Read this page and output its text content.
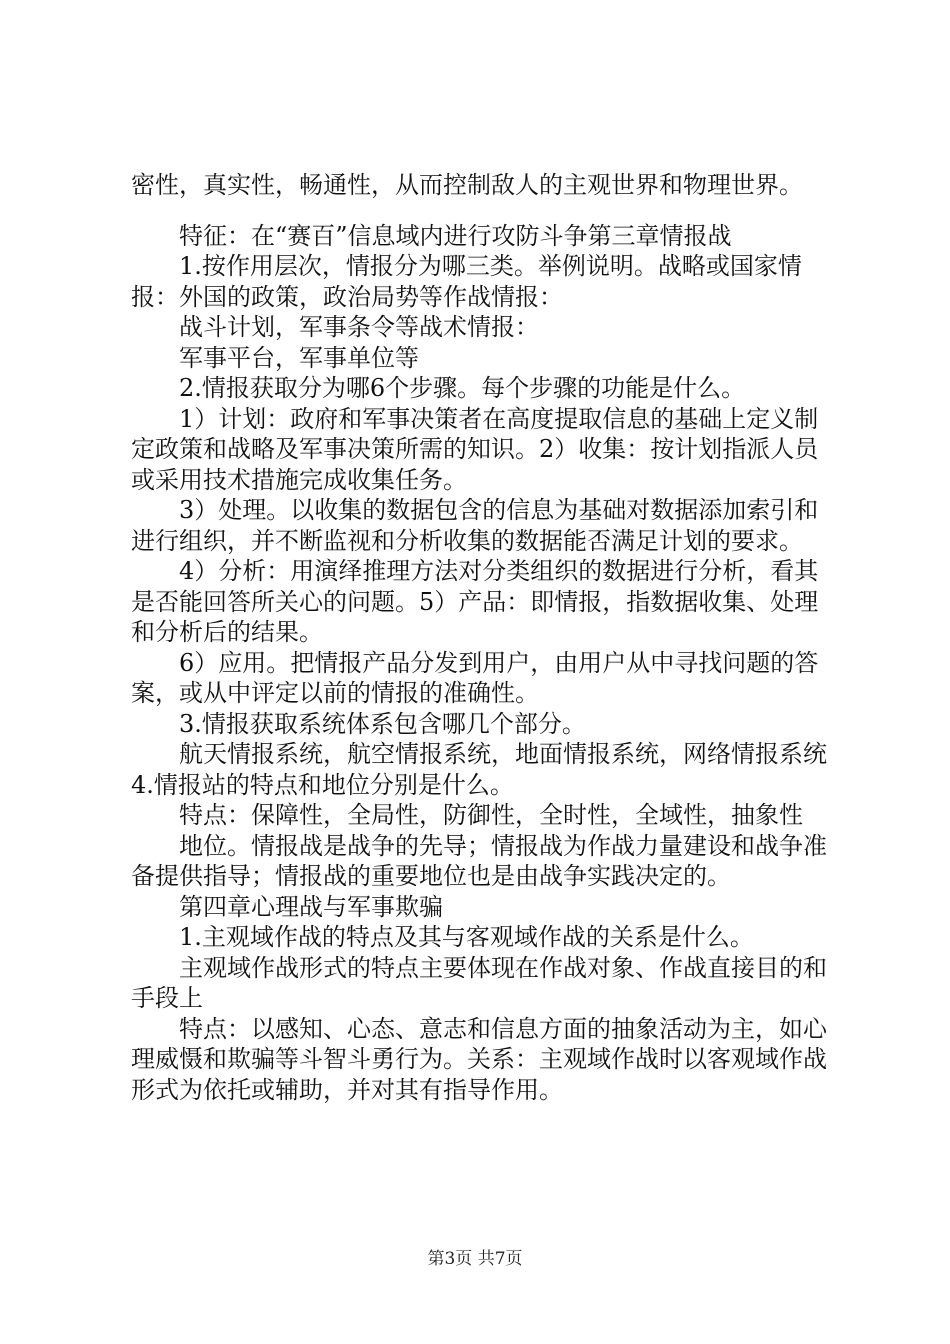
密性，真实性，畅通性，从而控制敌人的主观世界和物理世界。

特征：在“赛百”信息域内进行攻防斗争第三章情报战

1.按作用层次，情报分为哪三类。举例说明。战略或国家情报：外国的政策，政治局势等作战情报：

战斗计划，军事条令等战术情报：

军事平台，军事单位等

2.情报获取分为哪6个步骤。每个步骤的功能是什么。

1）计划：政府和军事决策者在高度提取信息的基础上定义制定政策和战略及军事决策所需的知识。2）收集：按计划指派人员或采用技术措施完成收集任务。

3）处理。以收集的数据包含的信息为基础对数据添加索引和进行组织，并不断监视和分析收集的数据能否满足计划的要求。

4）分析：用演绎推理方法对分类组织的数据进行分析，看其是否能回答所关心的问题。5）产品：即情报，指数据收集、处理和分析后的结果。

6）应用。把情报产品分发到用户，由用户从中寻找问题的答案，或从中评定以前的情报的准确性。

3.情报获取系统体系包含哪几个部分。

航天情报系统，航空情报系统，地面情报系统，网络情报系统4.情报站的特点和地位分别是什么。

特点：保障性，全局性，防御性，全时性，全域性，抽象性

地位。情报战是战争的先导；情报战为作战力量建设和战争准备提供指导；情报战的重要地位也是由战争实践决定的。

第四章心理战与军事欺骗

1.主观域作战的特点及其与客观域作战的关系是什么。

主观域作战形式的特点主要体现在作战对象、作战直接目的和手段上

特点：以感知、心态、意志和信息方面的抽象活动为主，如心理威慑和欺骗等斗智斗勇行为。关系：主观域作战时以客观域作战形式为依托或辅助，并对其有指导作用。

第3页 共7页
